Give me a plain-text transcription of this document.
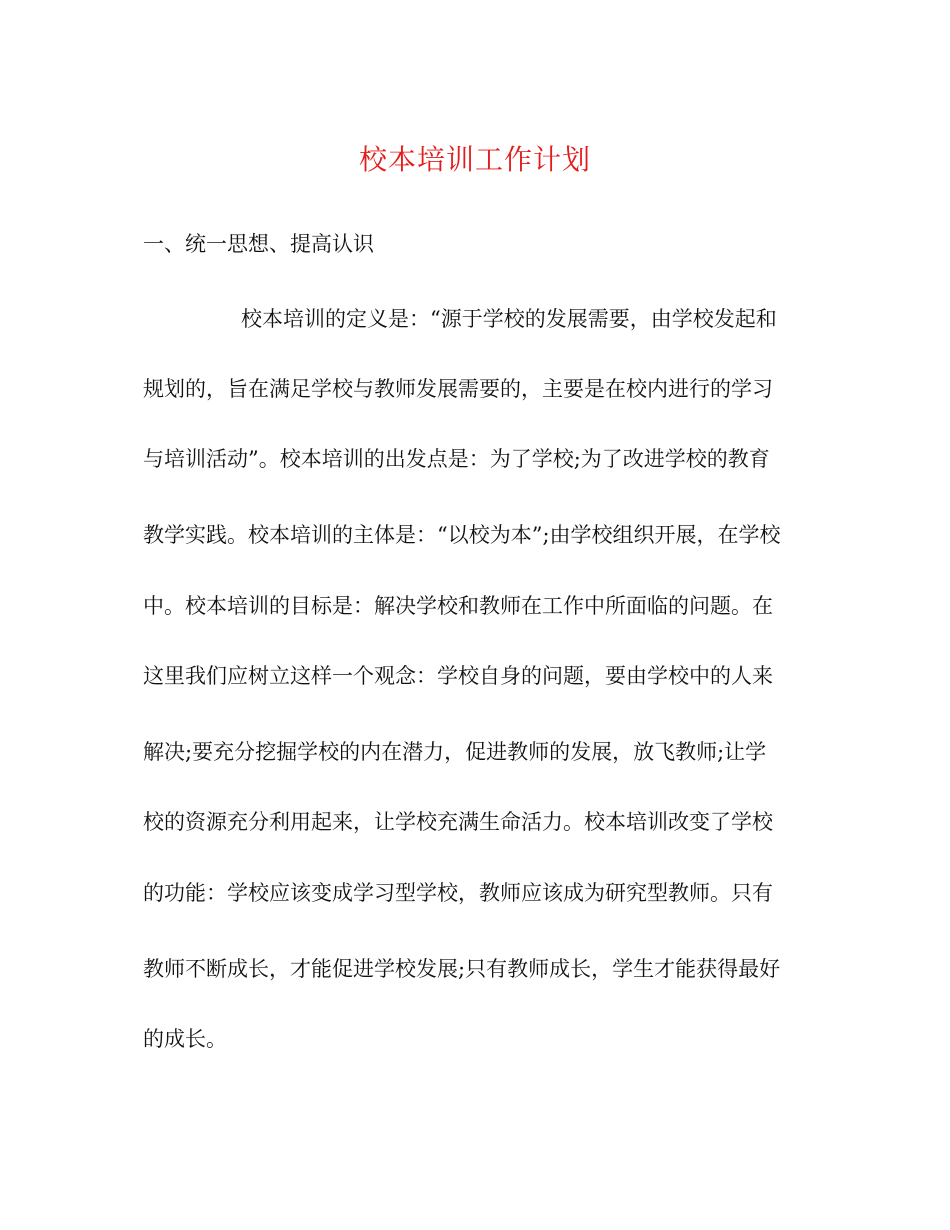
校本培训工作计划
一、统一思想、提高认识
校本培训的定义是：“源于学校的发展需要，由学校发起和
规划的，旨在满足学校与教师发展需要的，主要是在校内进行的学习
与培训活动”。校本培训的出发点是：为了学校;为了改进学校的教育
教学实践。校本培训的主体是：“以校为本”;由学校组织开展，在学校
中。校本培训的目标是：解决学校和教师在工作中所面临的问题。在
这里我们应树立这样一个观念：学校自身的问题，要由学校中的人来
解决;要充分挖掘学校的内在潜力，促进教师的发展，放飞教师;让学
校的资源充分利用起来，让学校充满生命活力。校本培训改变了学校
的功能：学校应该变成学习型学校，教师应该成为研究型教师。只有
教师不断成长，才能促进学校发展;只有教师成长，学生才能获得最好
的成长。
